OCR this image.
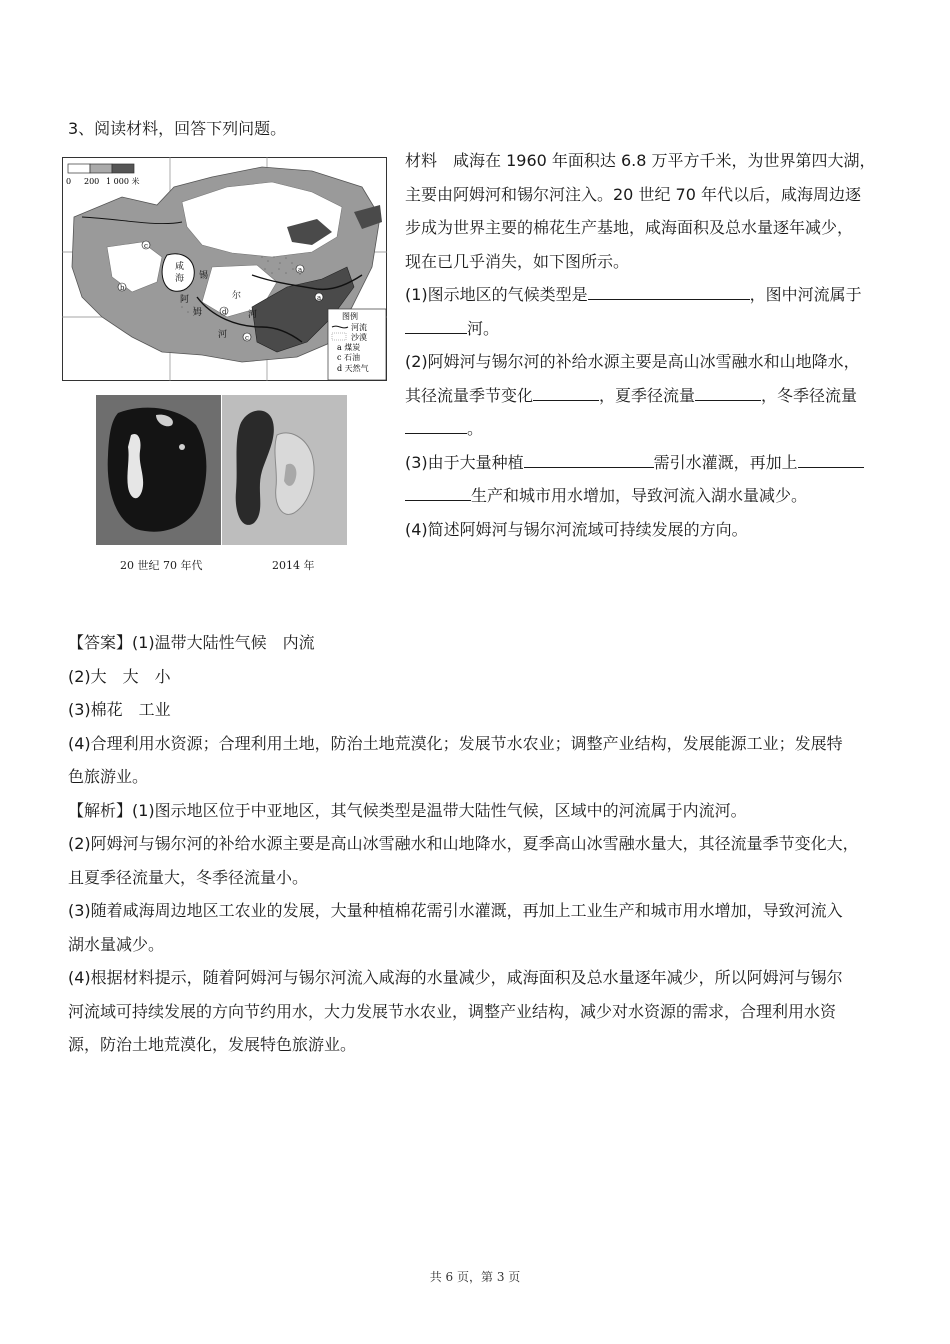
3、阅读材料，回答下列问题。
0 200 1 000 米
咸
海 锡
阿	尔
姆	河
河
c
d
c
a
a
b
图例
河流
沙漠
a 煤炭
c 石油
d 天然气
20 世纪 70 年代	2014 年

材料　咸海在 1960 年面积达 6.8 万平方千米，为世界第四大湖，

主要由阿姆河和锡尔河注入。20 世纪 70 年代以后，咸海周边逐

步成为世界主要的棉花生产基地，咸海面积及总水量逐年减少，

现在已几乎消失，如下图所示。

(1)图示地区的气候类型是	，图中河流属于

河。

(2)阿姆河与锡尔河的补给水源主要是高山冰雪融水和山地降水，

其径流量季节变化	，夏季径流量	，冬季径流量

。

(3)由于大量种植	需引水灌溉，再加上

生产和城市用水增加，导致河流入湖水量减少。

(4)简述阿姆河与锡尔河流域可持续发展的方向。

【答案】(1)温带大陆性气候　内流

(2)大　大　小

(3)棉花　工业

(4)合理利用水资源；合理利用土地，防治土地荒漠化；发展节水农业；调整产业结构，发展能源工业；发展特

色旅游业。

【解析】(1)图示地区位于中亚地区，其气候类型是温带大陆性气候，区域中的河流属于内流河。

(2)阿姆河与锡尔河的补给水源主要是高山冰雪融水和山地降水，夏季高山冰雪融水量大，其径流量季节变化大，

且夏季径流量大，冬季径流量小。

(3)随着咸海周边地区工农业的发展，大量种植棉花需引水灌溉，再加上工业生产和城市用水增加，导致河流入

湖水量减少。

(4)根据材料提示，随着阿姆河与锡尔河流入咸海的水量减少，咸海面积及总水量逐年减少，所以阿姆河与锡尔

河流域可持续发展的方向节约用水，大力发展节水农业，调整产业结构，减少对水资源的需求，合理利用水资

源，防治土地荒漠化，发展特色旅游业。

共 6 页，第 3 页
